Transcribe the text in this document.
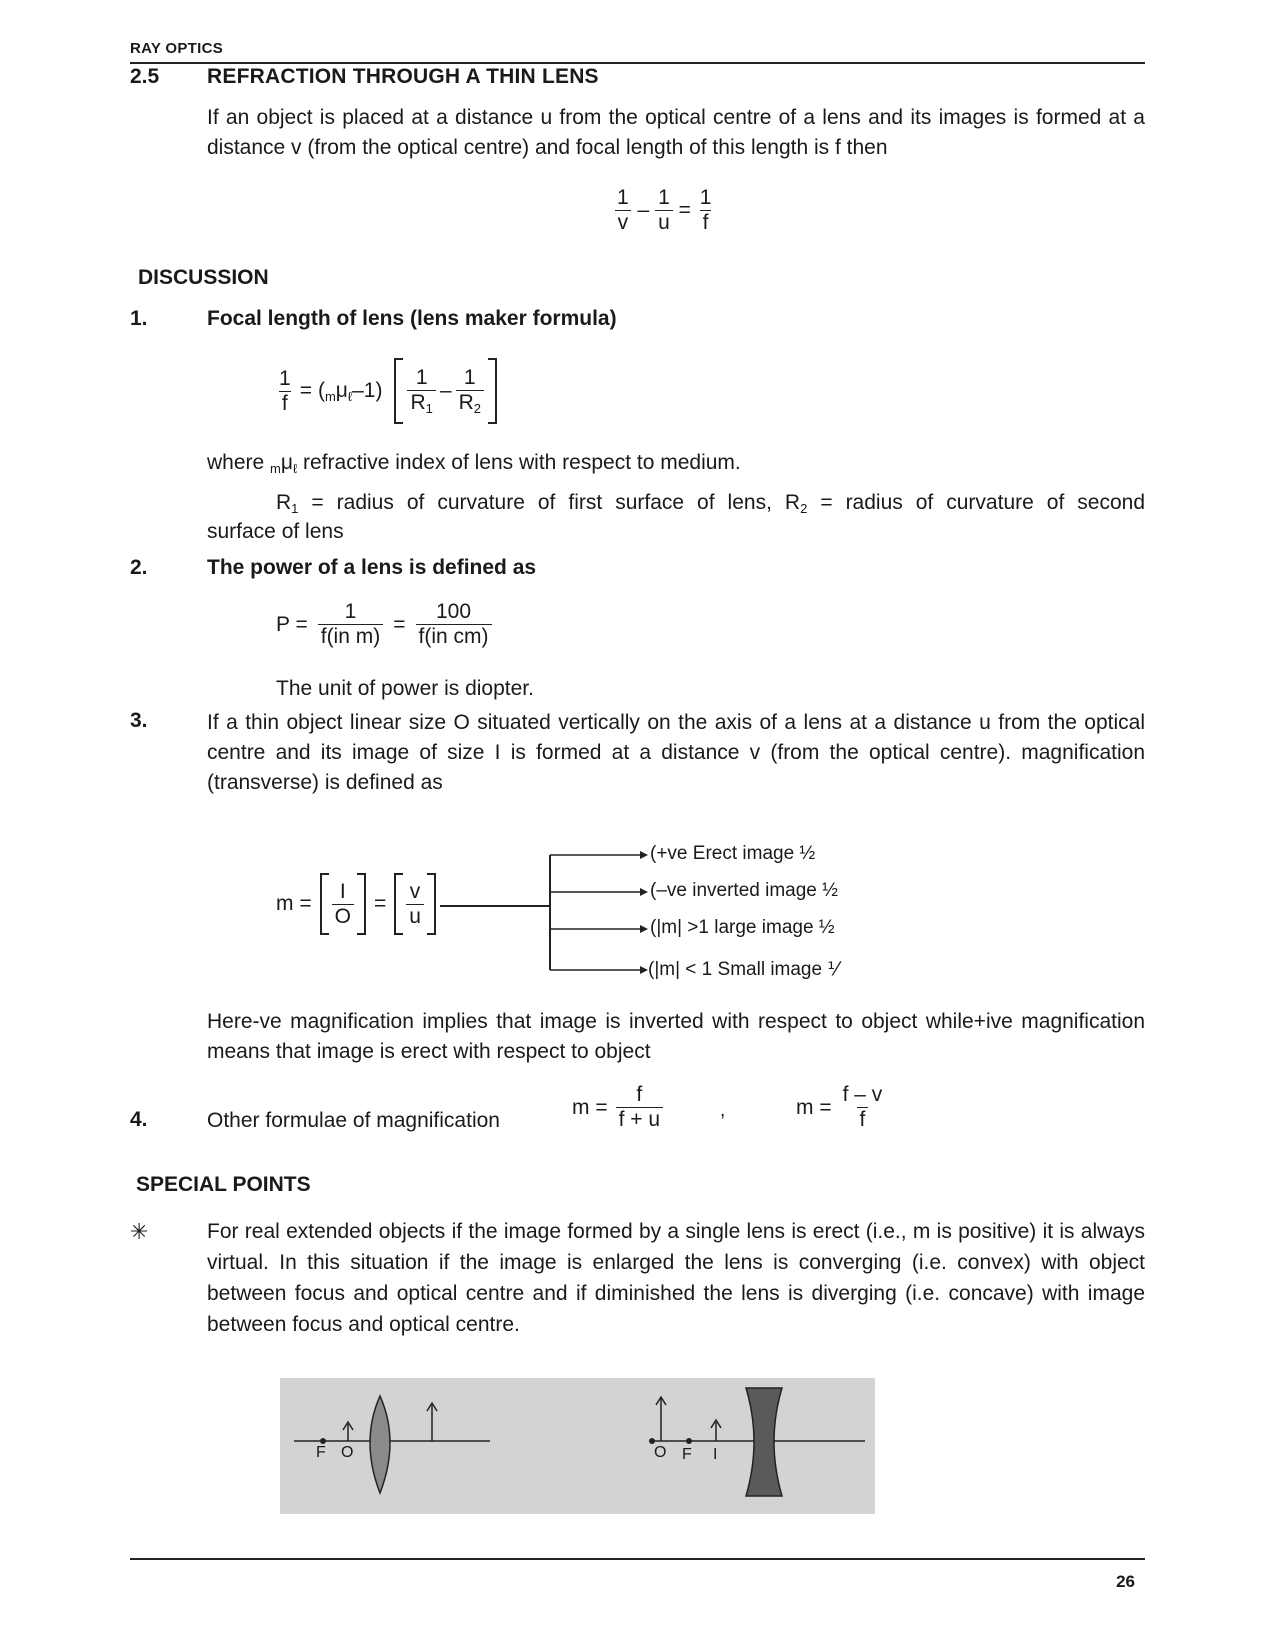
RAY OPTICS
2.5 REFRACTION THROUGH A THIN LENS
If an object is placed at a distance u from the optical centre of a lens and its images is formed at a distance v (from the optical centre) and focal length of this length is f then
$\frac{1}{v} - \frac{1}{u} = \frac{1}{f}$
DISCUSSION
1.	Focal length of lens (lens maker formula)
$\frac{1}{f} = (_m\mu_\ell-1) \frac{1}{R_1} - \frac{1}{R_2}$
where $_m\mu_\ell$ refractive index of lens with respect to medium.
$R_1$ = radius of curvature of first surface of lens, $R_2$ = radius of curvature of second
surface of lens
2.	The power of a lens is defined as
$P = \frac{1}{\text{f(in m)}} = \frac{100}{\text{f(in cm)}}$
The unit of power is diopter.
3.	If a thin object linear size O situated vertically on the axis of a lens at a distance u from the optical centre and its image of size I is formed at a distance v (from the optical centre). magnification (transverse) is defined as
$m = \frac{I}{O} = \frac{v}{u}$
(+ve Erect image ½
(–ve inverted image ½
(|m| >1 large image ½
(|m| < 1 Small image ⅟
Here-ve magnification implies that image is inverted with respect to object while+ive magnification means that image is erect with respect to object
4.	Other formulae of magnification
$m = \frac{f}{f + u}$	,	$m = \frac{f - v}{f}$
SPECIAL POINTS
✳	For real extended objects if the image formed by a single lens is erect (i.e., m is positive) it is always virtual. In this situation if the image is enlarged the lens is converging (i.e. convex) with object between focus and optical centre and if diminished the lens is diverging (i.e. concave) with image between focus and optical centre.
F O	O F I
26
